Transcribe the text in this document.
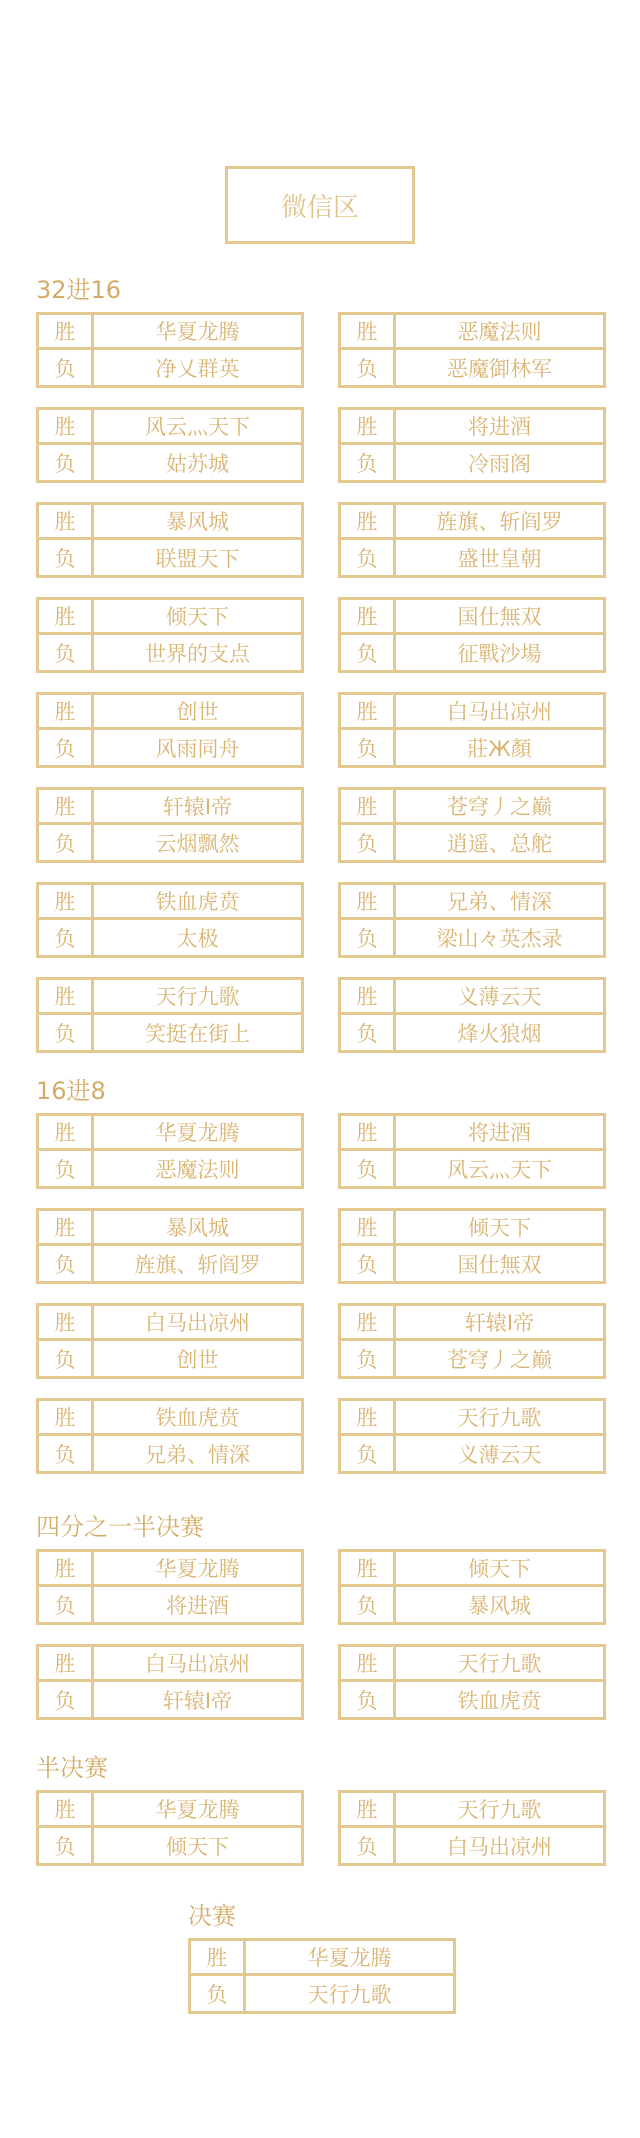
微信区
32进16
胜	华夏龙腾
负	净乂群英
胜	恶魔法则
负	恶魔御林军
胜	风云灬天下
负	姑苏城
胜	将进酒
负	冷雨阁
胜	暴风城
负	联盟天下
胜	旌旗、斩阎罗
负	盛世皇朝
胜	倾天下
负	世界的支点
胜	国仕無双
负	征戰沙場
胜	创世
负	风雨同舟
胜	白马出凉州
负	莊Ж顏
胜	轩辕I帝
负	云烟飘然
胜	苍穹丿之巅
负	逍遥、总舵
胜	铁血虎贲
负	太极
胜	兄弟、情深
负	梁山々英杰录
胜	天行九歌
负	笑挺在街上
胜	义薄云天
负	烽火狼烟
16进8
胜	华夏龙腾
负	恶魔法则
胜	将进酒
负	风云灬天下
胜	暴风城
负	旌旗、斩阎罗
胜	倾天下
负	国仕無双
胜	白马出凉州
负	创世
胜	轩辕I帝
负	苍穹丿之巅
胜	铁血虎贲
负	兄弟、情深
胜	天行九歌
负	义薄云天
四分之一半决赛
胜	华夏龙腾
负	将进酒
胜	倾天下
负	暴风城
胜	白马出凉州
负	轩辕I帝
胜	天行九歌
负	铁血虎贲
半决赛
胜	华夏龙腾
负	倾天下
胜	天行九歌
负	白马出凉州
决赛
胜	华夏龙腾
负	天行九歌
